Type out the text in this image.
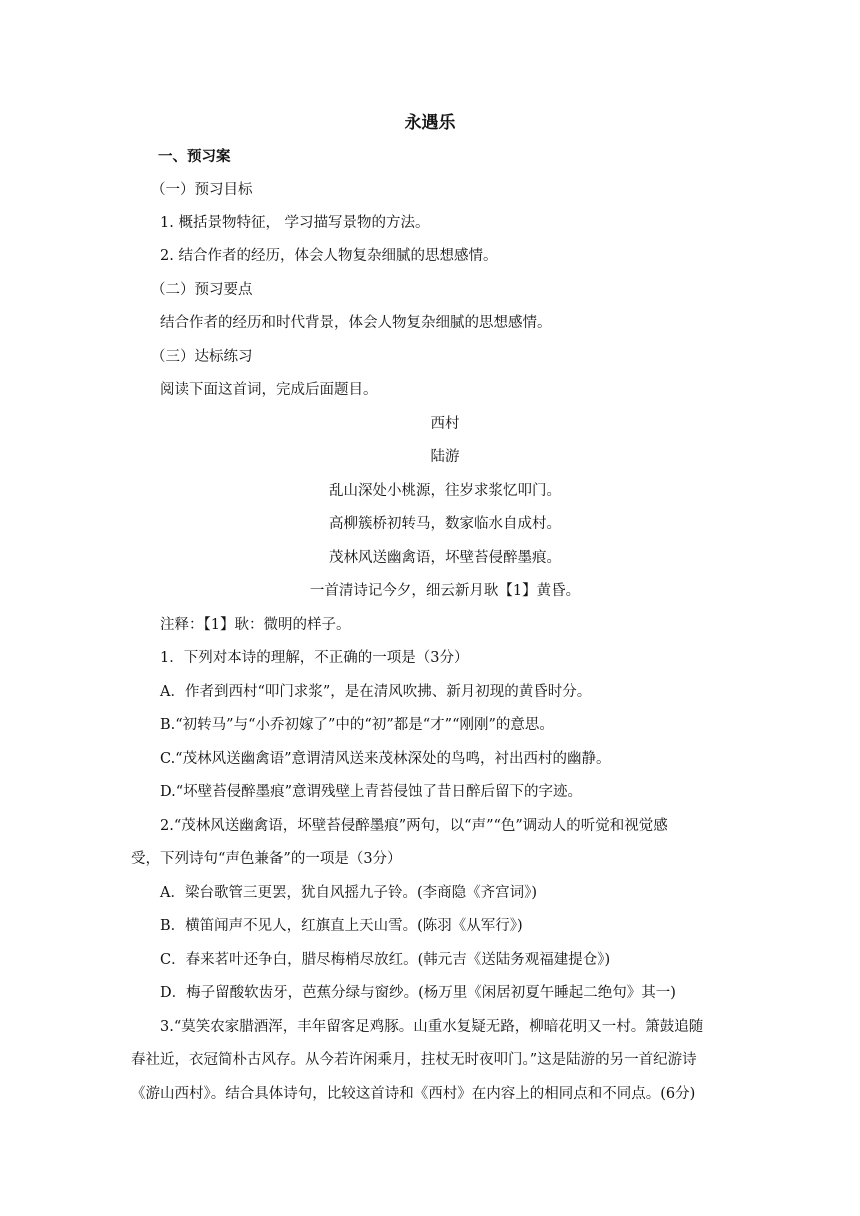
永遇乐
一、预习案
（一）预习目标
1. 概括景物特征， 学习描写景物的方法。
2. 结合作者的经历，体会人物复杂细腻的思想感情。
（二）预习要点
结合作者的经历和时代背景，体会人物复杂细腻的思想感情。
（三）达标练习
阅读下面这首词，完成后面题目。
西村
陆游
乱山深处小桃源，往岁求浆忆叩门。
高柳簇桥初转马，数家临水自成村。
茂林风送幽禽语，坏壁苔侵醉墨痕。
一首清诗记今夕，细云新月耿【1】黄昏。
注释：【1】耿：微明的样子。
1．下列对本诗的理解，不正确的一项是（3分）
A．作者到西村“叩门求浆”，是在清风吹拂、新月初现的黄昏时分。
B.“初转马”与“小乔初嫁了”中的“初”都是“才”“刚刚”的意思。
C.“茂林风送幽禽语”意谓清风送来茂林深处的鸟鸣，衬出西村的幽静。
D.“坏壁苔侵醉墨痕”意谓残壁上青苔侵蚀了昔日醉后留下的字迹。
2.“茂林风送幽禽语，坏壁苔侵醉墨痕”两句，以“声”“色”调动人的听觉和视觉感
受，下列诗句“声色兼备”的一项是（3分）
A．梁台歌管三更罢，犹自风摇九子铃。(李商隐《齐宫词》)
B．横笛闻声不见人，红旗直上天山雪。(陈羽《从军行》)
C．春来茗叶还争白，腊尽梅梢尽放红。(韩元吉《送陆务观福建提仓》)
D．梅子留酸软齿牙，芭蕉分绿与窗纱。(杨万里《闲居初夏午睡起二绝句》其一)
3.“莫笑农家腊酒浑，丰年留客足鸡豚。山重水复疑无路，柳暗花明又一村。箫鼓追随
春社近，衣冠简朴古风存。从今若许闲乘月，拄杖无时夜叩门。”这是陆游的另一首纪游诗
《游山西村》。结合具体诗句，比较这首诗和《西村》在内容上的相同点和不同点。(6分)
